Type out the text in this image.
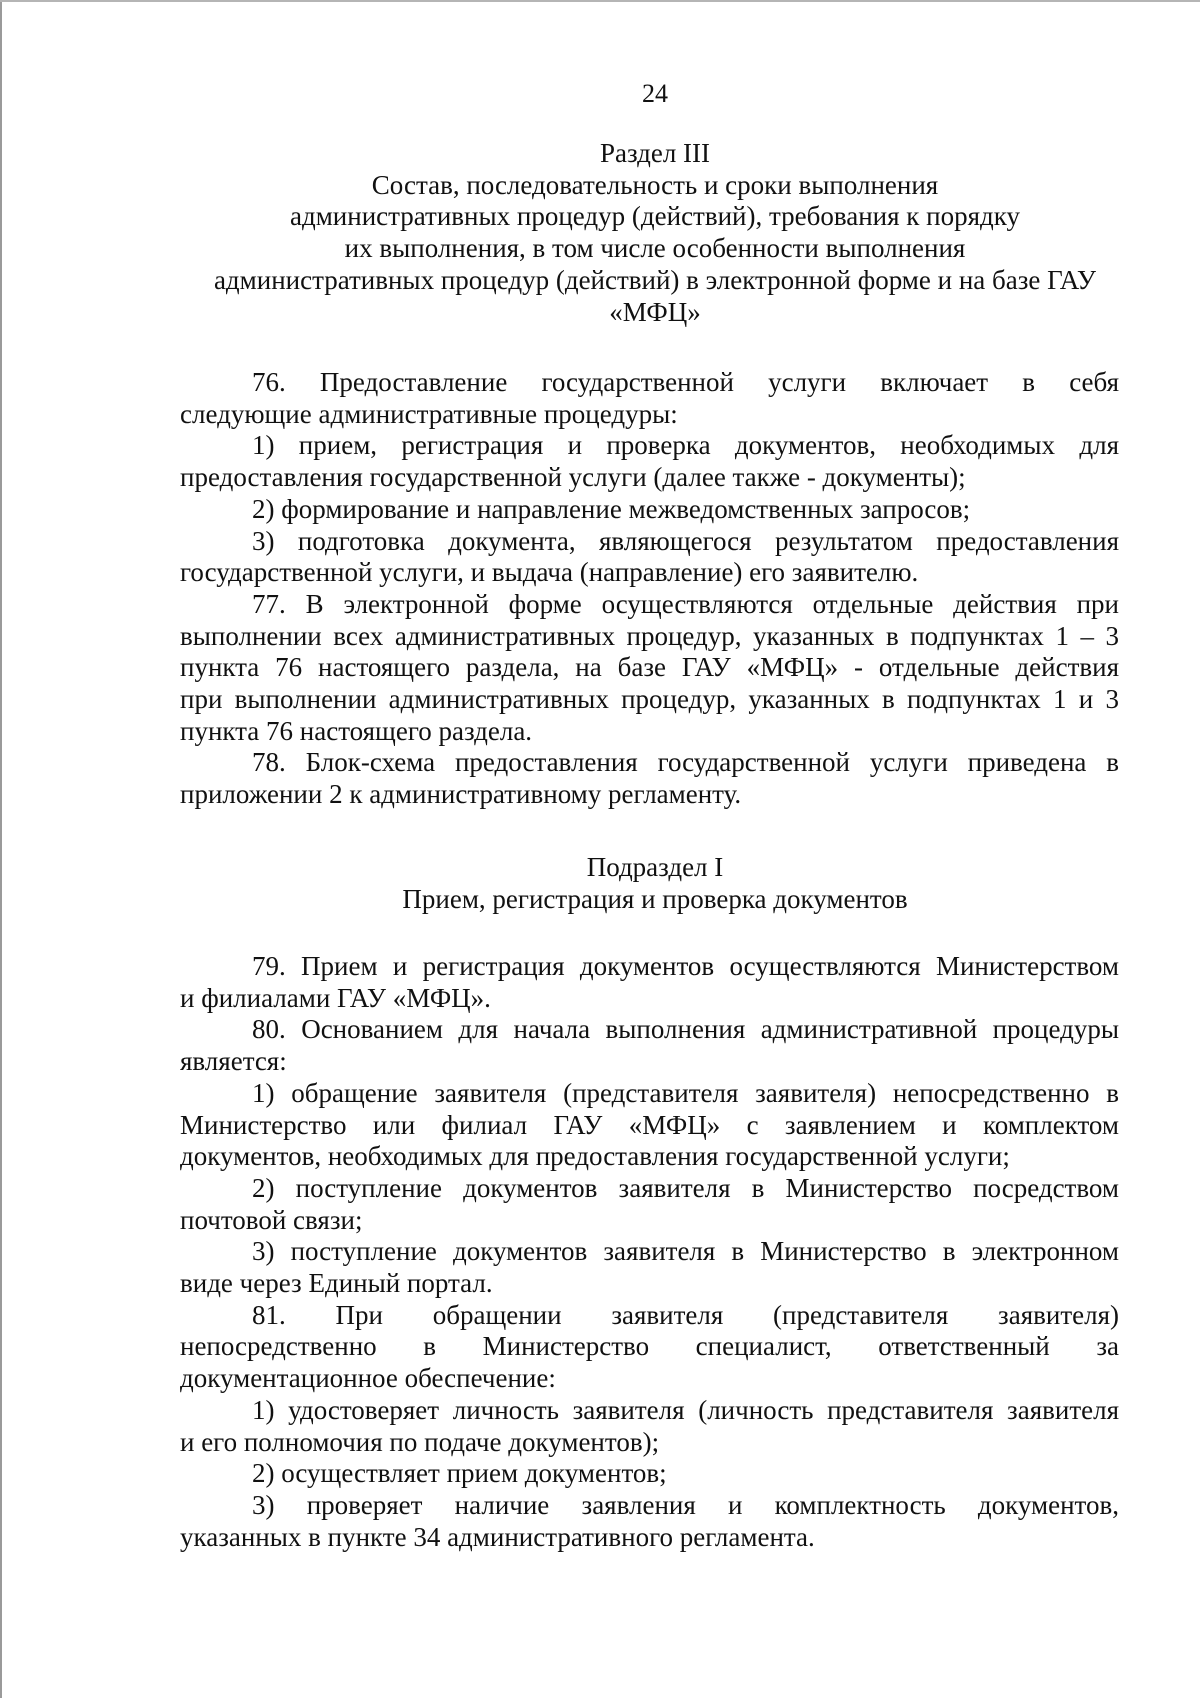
24
Раздел III
Состав, последовательность и сроки выполнения
административных процедур (действий), требования к порядку
их выполнения, в том числе особенности выполнения
административных процедур (действий) в электронной форме и на базе ГАУ
«МФЦ»
76. Предоставление государственной услуги включает в себя
следующие административные процедуры:
1) прием, регистрация и проверка документов, необходимых для
предоставления государственной услуги (далее также - документы);
2) формирование и направление межведомственных запросов;
3) подготовка документа, являющегося результатом предоставления
государственной услуги, и выдача (направление) его заявителю.
77. В электронной форме осуществляются отдельные действия при
выполнении всех административных процедур, указанных в подпунктах 1 – 3
пункта 76 настоящего раздела, на базе ГАУ «МФЦ» - отдельные действия
при выполнении административных процедур, указанных в подпунктах 1 и 3
пункта 76 настоящего раздела.
78. Блок-схема предоставления государственной услуги приведена в
приложении 2 к административному регламенту.
Подраздел I
Прием, регистрация и проверка документов
79. Прием и регистрация документов осуществляются Министерством
и филиалами ГАУ «МФЦ».
80. Основанием для начала выполнения административной процедуры
является:
1) обращение заявителя (представителя заявителя) непосредственно в
Министерство или филиал ГАУ «МФЦ» с заявлением и комплектом
документов, необходимых для предоставления государственной услуги;
2) поступление документов заявителя в Министерство посредством
почтовой связи;
3) поступление документов заявителя в Министерство в электронном
виде через Единый портал.
81. При обращении заявителя (представителя заявителя)
непосредственно в Министерство специалист, ответственный за
документационное обеспечение:
1) удостоверяет личность заявителя (личность представителя заявителя
и его полномочия по подаче документов);
2) осуществляет прием документов;
3) проверяет наличие заявления и комплектность документов,
указанных в пункте 34 административного регламента.
